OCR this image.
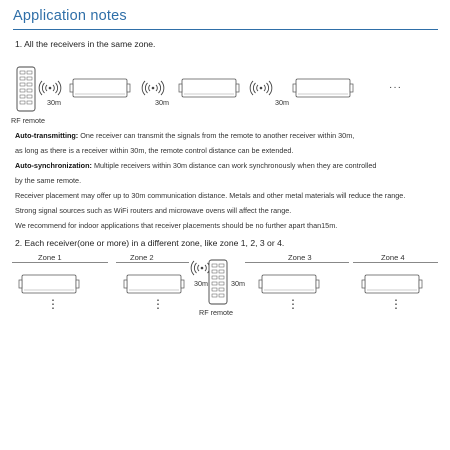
Application notes
1. All the receivers in the same zone.
RF remote
30m	30m	30m
···
Auto-transmitting: One receiver can transmit the signals from the remote to another receiver within 30m,
as long as there is a receiver within 30m, the remote control distance can be extended.
Auto-synchronization: Multiple receivers within 30m distance can work synchronously when they are controlled
by the same remote.
Receiver placement may offer up to 30m communication distance. Metals and other metal materials will reduce the range.
Strong signal sources such as WiFi routers and microwave ovens will affect the range.
We recommend for indoor applications that receiver placements should be no further apart than15m.
2. Each receiver(one or more) in a different zone, like zone 1, 2, 3 or 4.
Zone 1	Zone 2	Zone 3	Zone 4
30m	30m
RF remote
⋮	⋮	⋮	⋮
